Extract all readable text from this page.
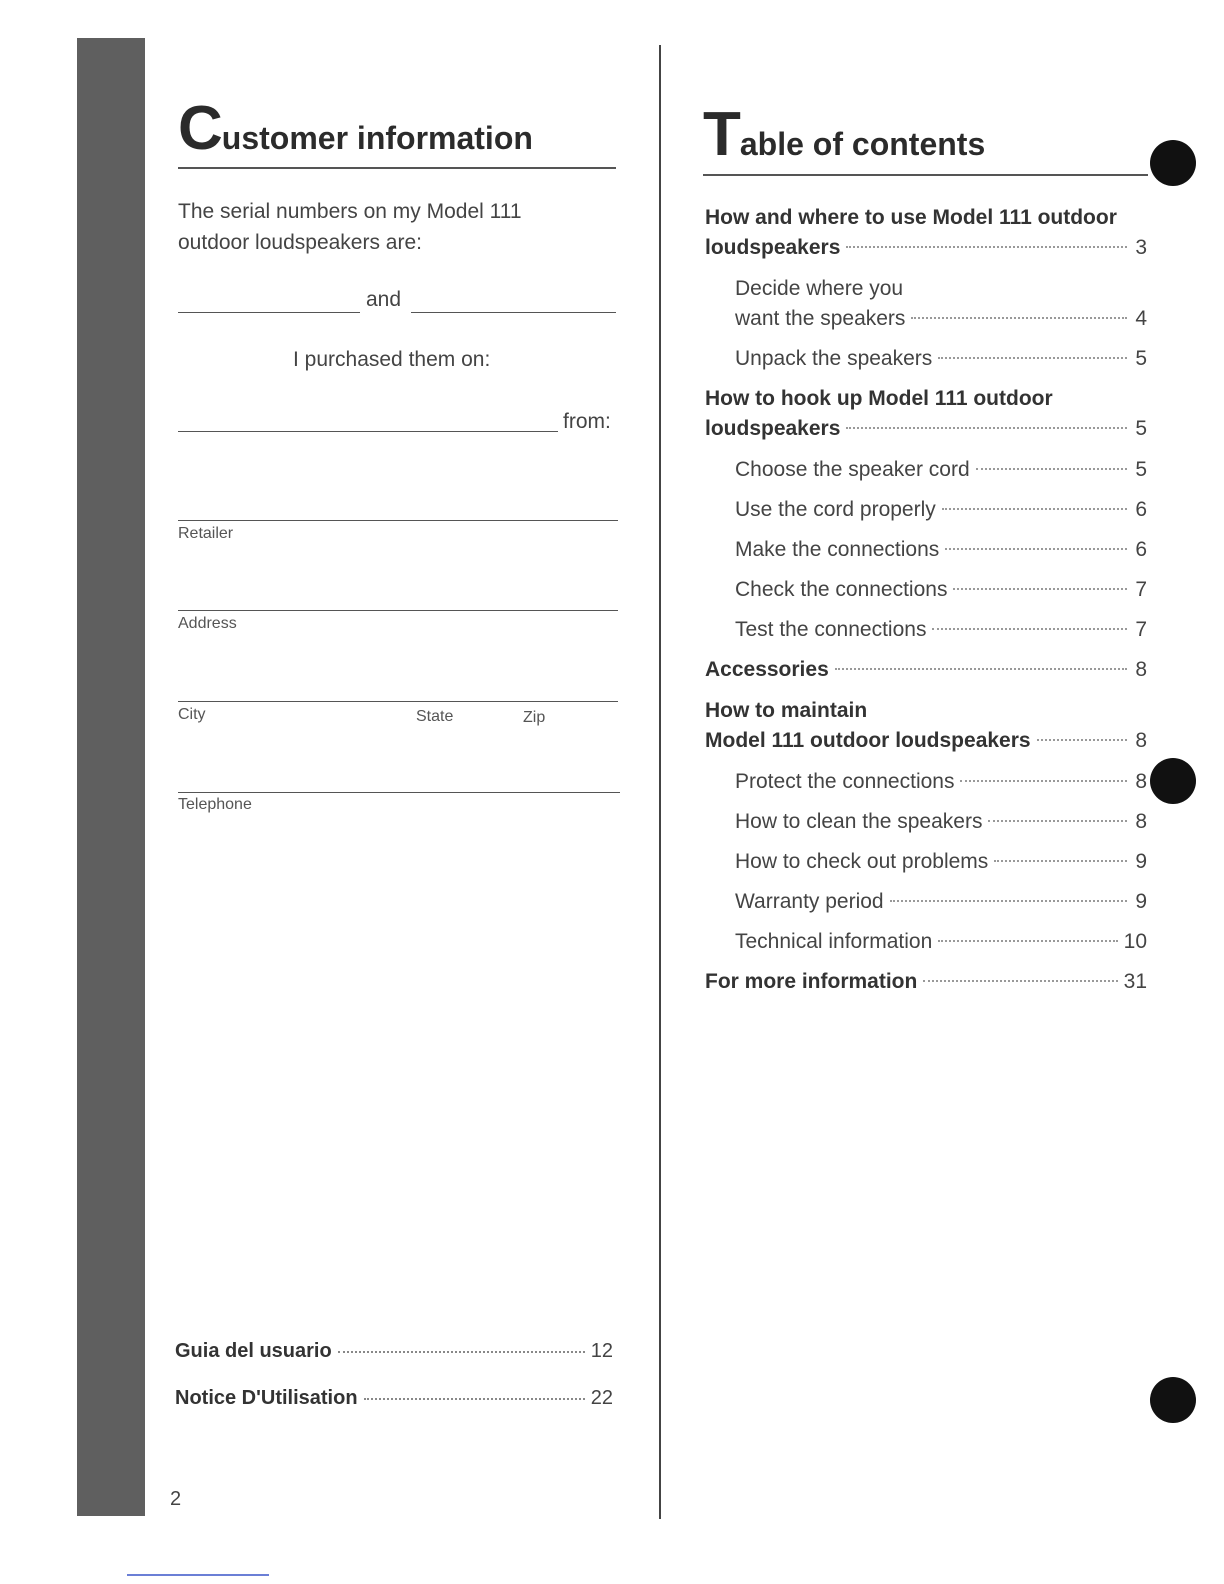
Customer information
The serial numbers on my Model 111
outdoor loudspeakers are:
and
I purchased them on:
from:
Retailer
Address
City	State	Zip
Telephone
Guia del usuario	12
Notice D'Utilisation	22
2
Table of contents
How and where to use Model 111 outdoor
loudspeakers	3
Decide where you
want the speakers	4
Unpack the speakers	5
How to hook up Model 111 outdoor
loudspeakers	5
Choose the speaker cord	5
Use the cord properly	6
Make the connections	6
Check the connections	7
Test the connections	7
Accessories	8
How to maintain
Model 111 outdoor loudspeakers	8
Protect the connections	8
How to clean the speakers	8
How to check out problems	9
Warranty period	9
Technical information	10
For more information	31
